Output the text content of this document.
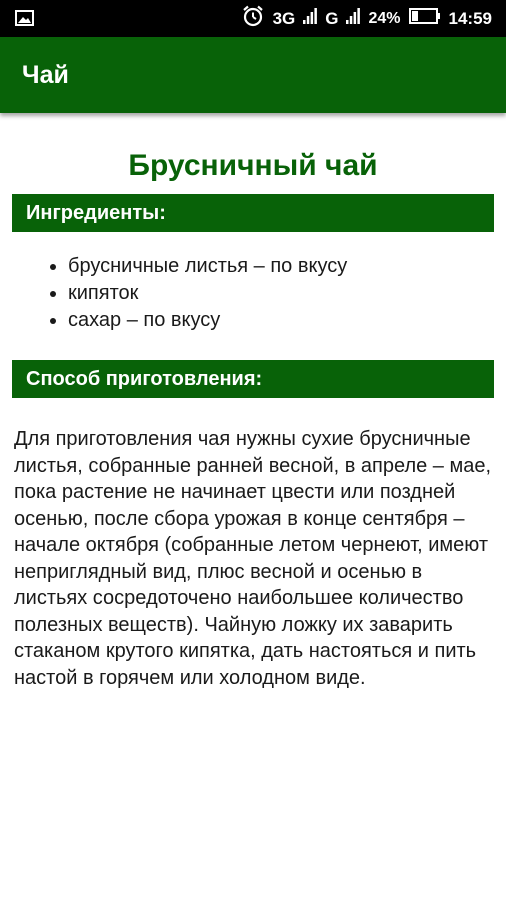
3G G 24%	14:59
Чай
Брусничный чай
Ингредиенты:
• брусничные листья – по вкусу
• кипяток
• сахар – по вкусу
Способ приготовления:

Для приготовления чая нужны сухие брусничные листья, собранные ранней весной, в апреле – мае, пока растение не начинает цвести или поздней осенью, после сбора урожая в конце сентября – начале октября (собранные летом чернеют, имеют неприглядный вид, плюс весной и осенью в листьях сосредоточено наибольшее количество полезных веществ). Чайную ложку их заварить стаканом крутого кипятка, дать настояться и пить настой в горячем или холодном виде.
